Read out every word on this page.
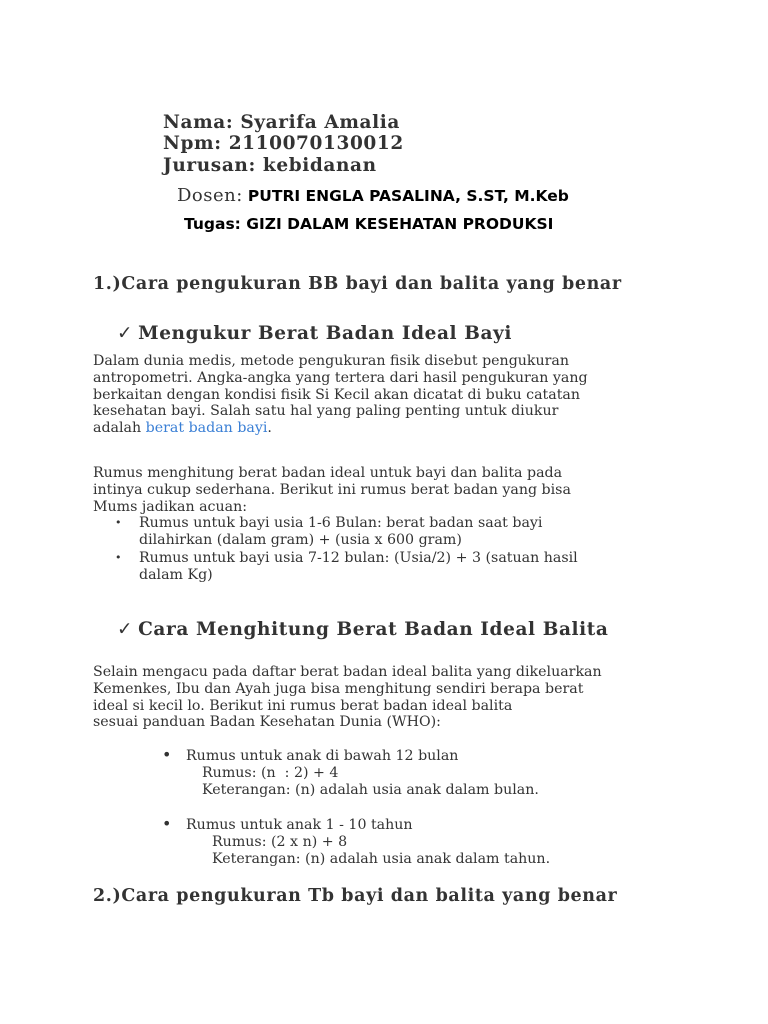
Nama: Syarifa Amalia
Npm: 2110070130012
Jurusan: kebidanan
Dosen: PUTRI ENGLA PASALINA, S.ST, M.Keb
Tugas: GIZI DALAM KESEHATAN PRODUKSI
1.)Cara pengukuran BB bayi dan balita yang benar
✓ Mengukur Berat Badan Ideal Bayi
Dalam dunia medis, metode pengukuran fisik disebut pengukuran
antropometri. Angka-angka yang tertera dari hasil pengukuran yang
berkaitan dengan kondisi fisik Si Kecil akan dicatat di buku catatan
kesehatan bayi. Salah satu hal yang paling penting untuk diukur
adalah berat badan bayi.
Rumus menghitung berat badan ideal untuk bayi dan balita pada
intinya cukup sederhana. Berikut ini rumus berat badan yang bisa
Mums jadikan acuan:
• Rumus untuk bayi usia 1-6 Bulan: berat badan saat bayi
dilahirkan (dalam gram) + (usia x 600 gram)
• Rumus untuk bayi usia 7-12 bulan: (Usia/2) + 3 (satuan hasil
dalam Kg)
✓ Cara Menghitung Berat Badan Ideal Balita
Selain mengacu pada daftar berat badan ideal balita yang dikeluarkan
Kemenkes, Ibu dan Ayah juga bisa menghitung sendiri berapa berat
ideal si kecil lo. Berikut ini rumus berat badan ideal balita
sesuai panduan Badan Kesehatan Dunia (WHO):
• Rumus untuk anak di bawah 12 bulan
Rumus: (n  : 2) + 4
Keterangan: (n) adalah usia anak dalam bulan.
• Rumus untuk anak 1 - 10 tahun
Rumus: (2 x n) + 8
Keterangan: (n) adalah usia anak dalam tahun.
2.)Cara pengukuran Tb bayi dan balita yang benar
